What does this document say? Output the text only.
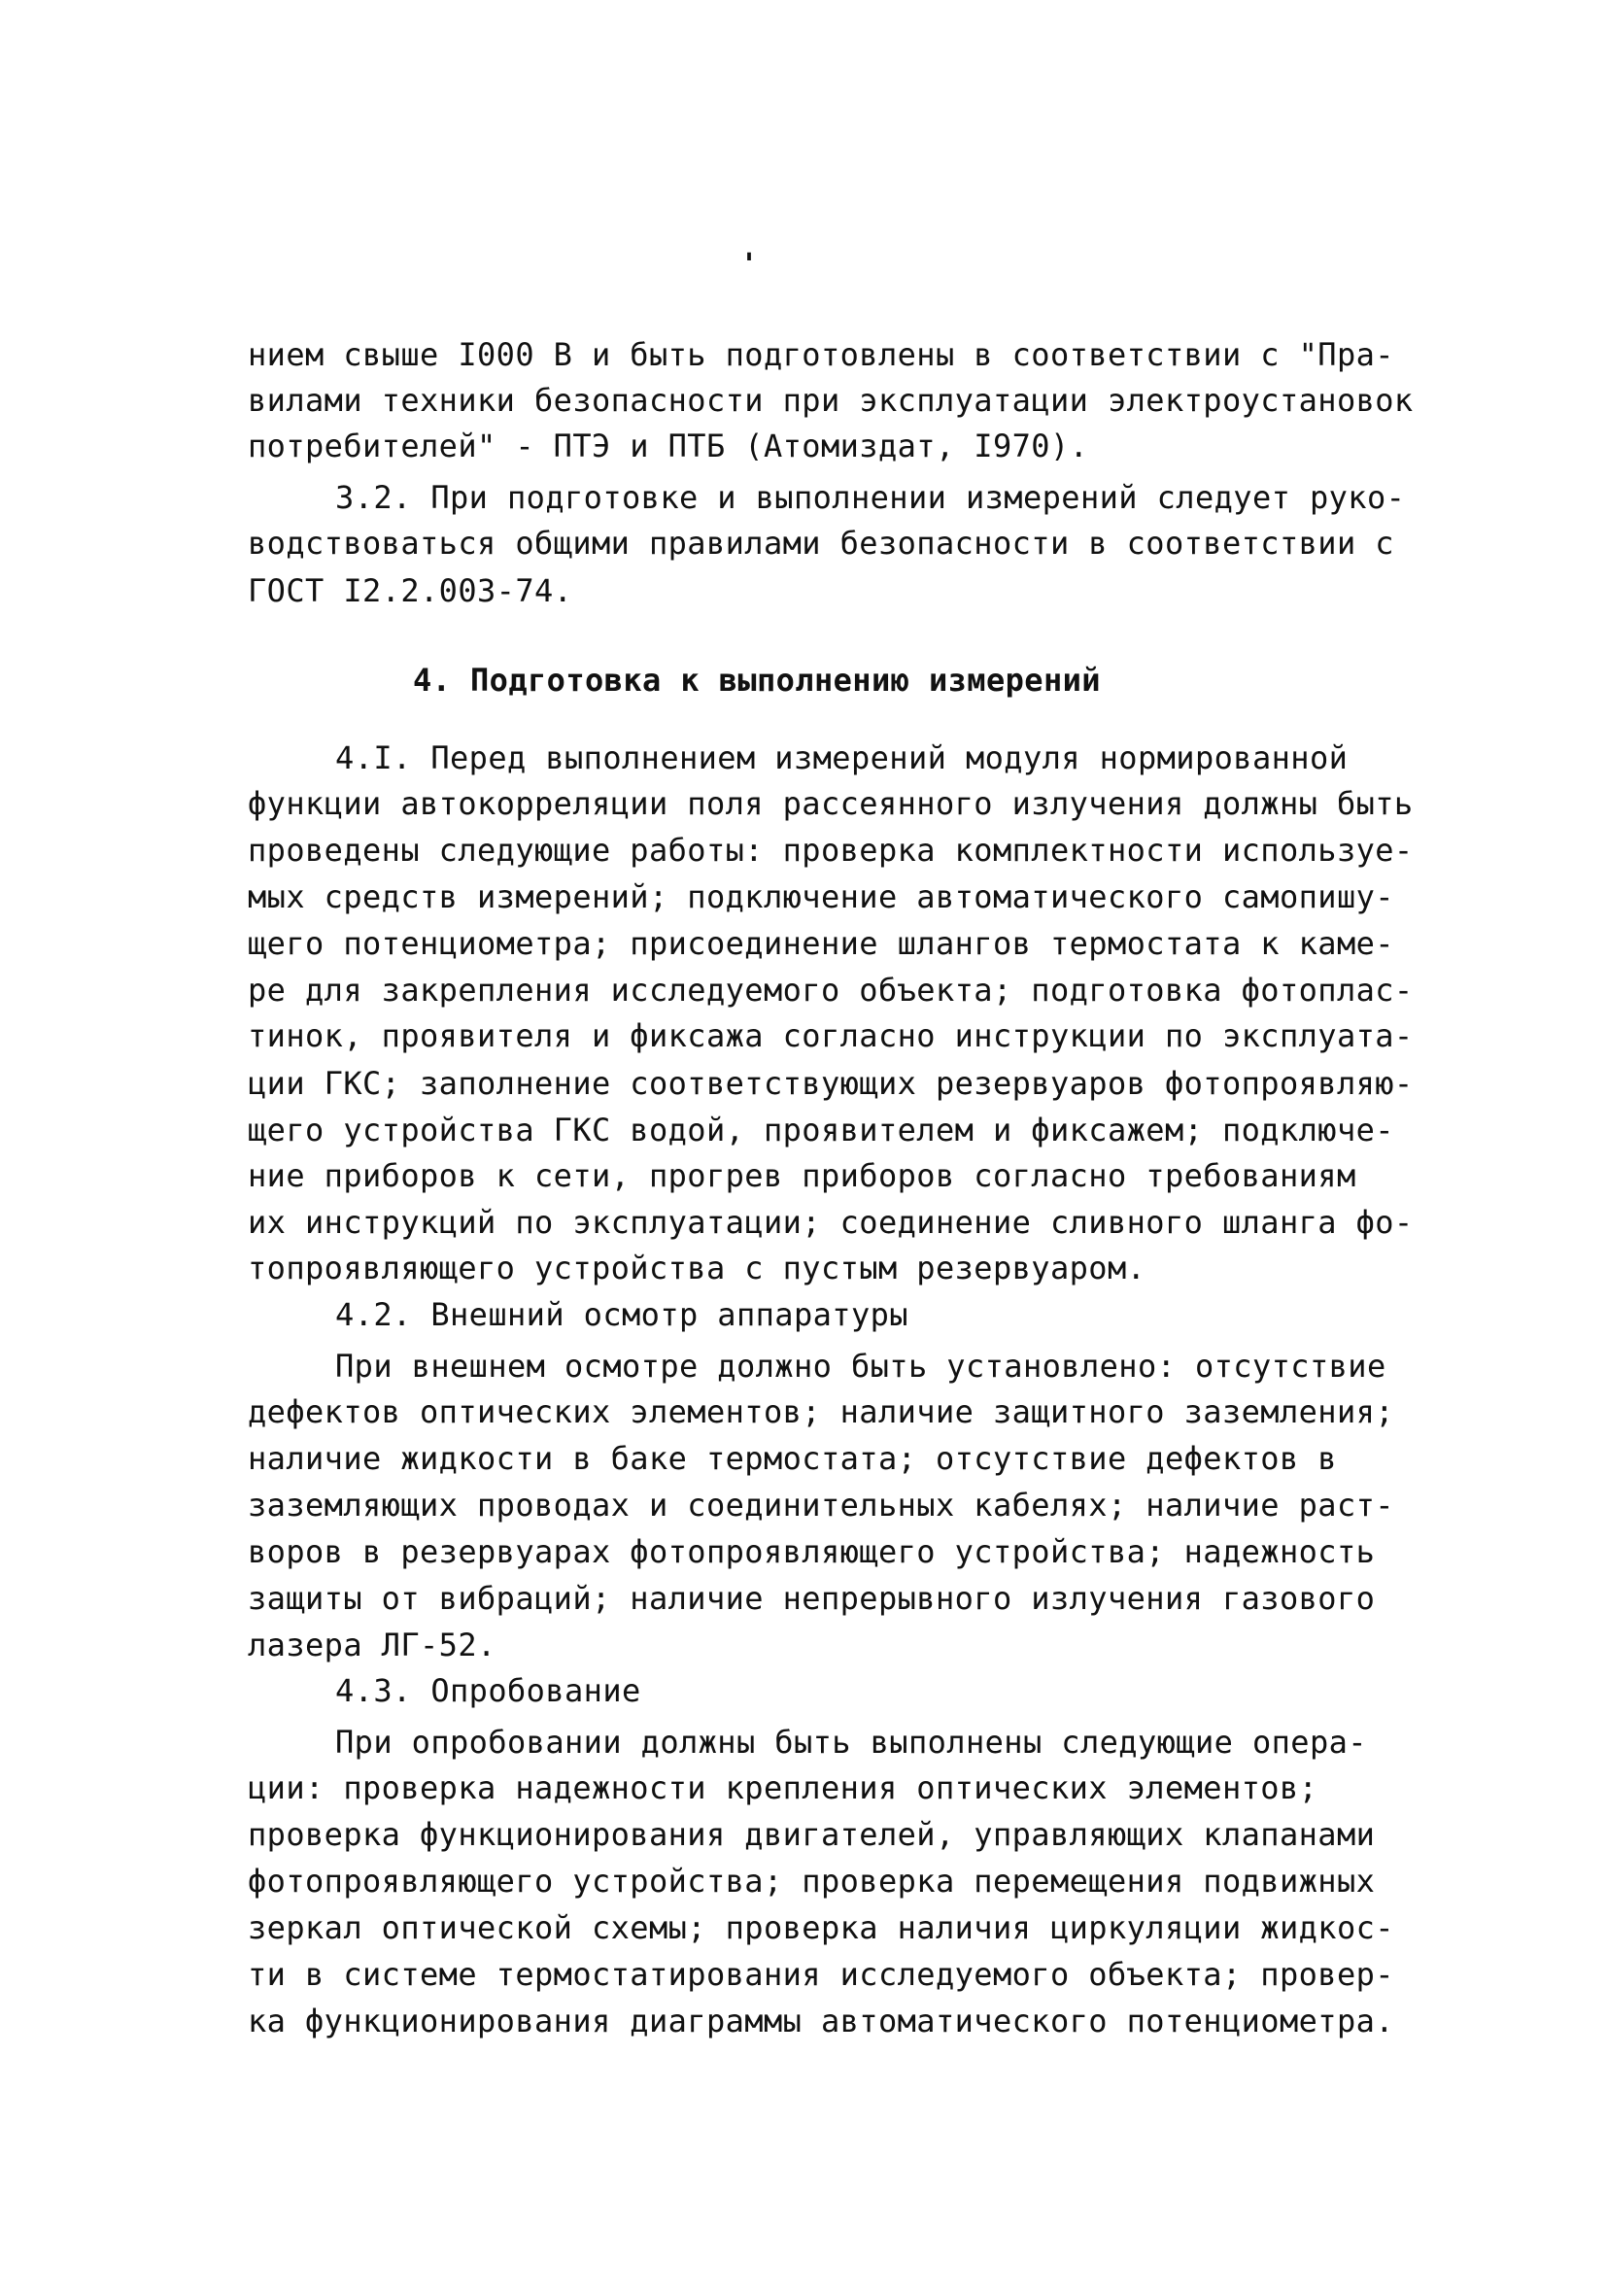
'
нием свыше I000 В и быть подготовлены в соответствии с "Пра-
вилами техники безопасности при эксплуатации электроустановок
потребителей" - ПТЭ и ПТБ (Атомиздат, I970).
3.2. При подготовке и выполнении измерений следует руко-
водствоваться общими правилами безопасности в соответствии с
ГОСТ I2.2.003-74.
4. Подготовка к выполнению измерений
4.I. Перед выполнением измерений модуля нормированной
функции автокорреляции поля рассеянного излучения должны быть
проведены следующие работы: проверка комплектности используе-
мых средств измерений; подключение автоматического самопишу-
щего потенциометра; присоединение шлангов термостата к каме-
ре для закрепления исследуемого объекта; подготовка фотоплас-
тинок, проявителя и фиксажа согласно инструкции по эксплуата-
ции ГКС; заполнение соответствующих резервуаров фотопроявляю-
щего устройства ГКС водой, проявителем и фиксажем; подключе-
ние приборов к сети, прогрев приборов согласно требованиям
их инструкций по эксплуатации; соединение сливного шланга фо-
топроявляющего устройства с пустым резервуаром.
4.2. Внешний осмотр аппаратуры
При внешнем осмотре должно быть установлено: отсутствие
дефектов оптических элементов; наличие защитного заземления;
наличие жидкости в баке термостата; отсутствие дефектов в
заземляющих проводах и соединительных кабелях; наличие раст-
воров в резервуарах фотопроявляющего устройства; надежность
защиты от вибраций; наличие непрерывного излучения газового
лазера ЛГ-52.
4.3. Опробование
При опробовании должны быть выполнены следующие опера-
ции: проверка надежности крепления оптических элементов;
проверка функционирования двигателей, управляющих клапанами
фотопроявляющего устройства; проверка перемещения подвижных
зеркал оптической схемы; проверка наличия циркуляции жидкос-
ти в системе термостатирования исследуемого объекта; провер-
ка функционирования диаграммы автоматического потенциометра.
